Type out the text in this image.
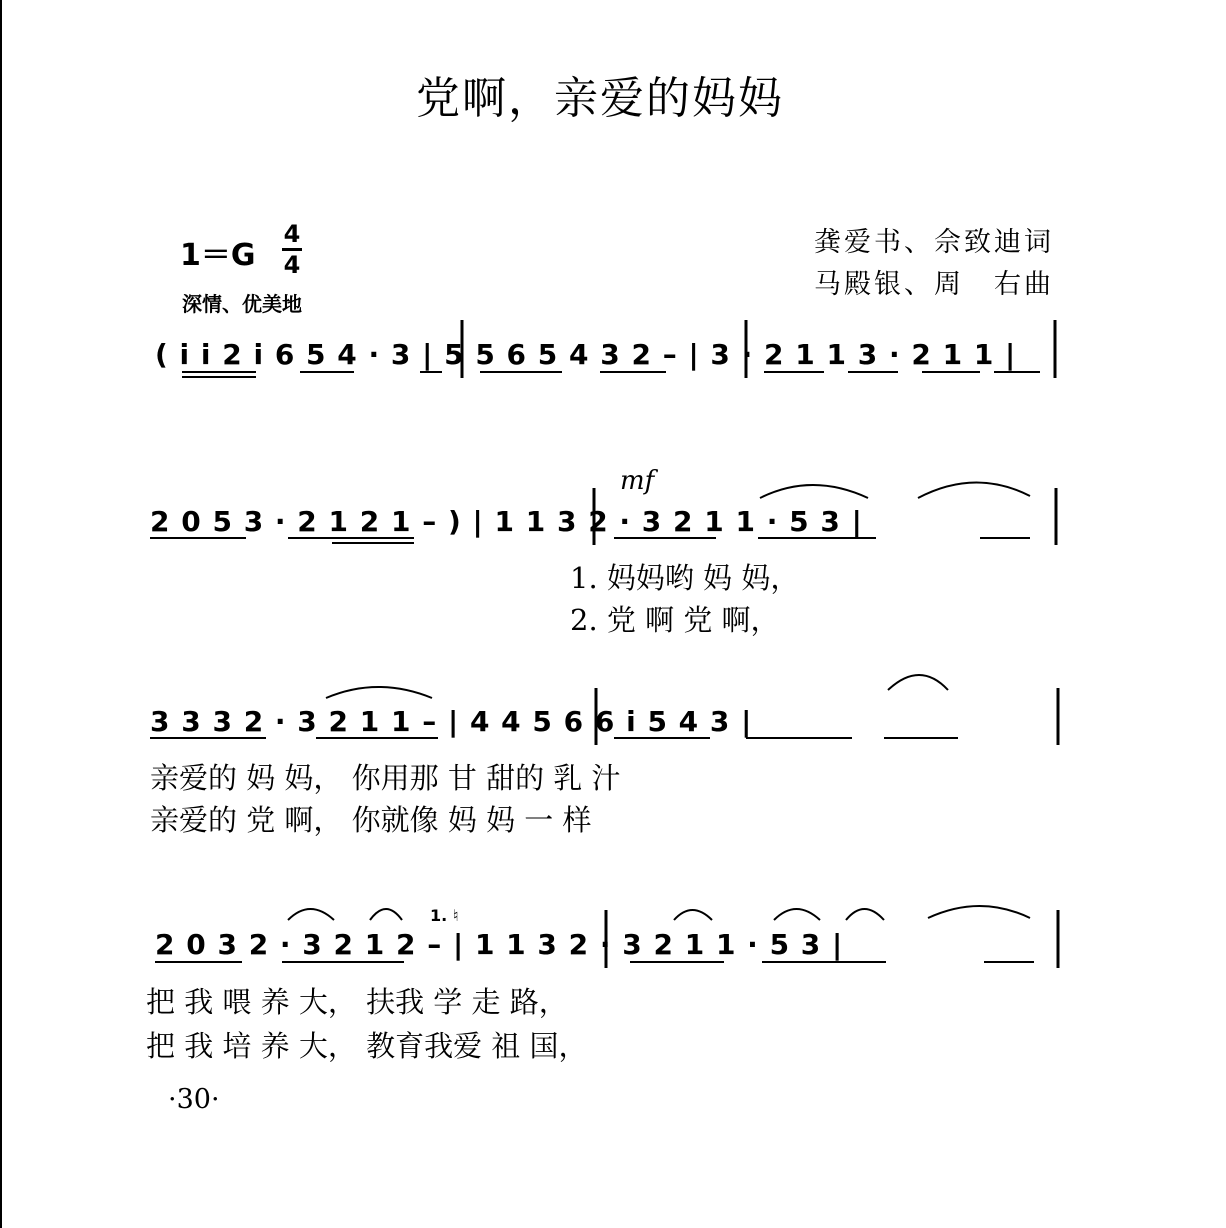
党啊，亲爱的妈妈
1＝G
4
4
龚爱书、佘致迪词
马殿银、周　右曲
深情、优美地
( i i 2 i 6 5 4 · 3 | 5 5 6 5 4 3 2 – | 3 · 2 1 1 3 · 2 1 1 |
mf
2 0 5 3 · 2 1 2 1 – ) | 1 1 3 2 · 3 2 1 1 · 5 3 |
1. 妈妈哟 妈 妈，
2. 党 啊 党 啊，
3 3 3 2 · 3 2 1 1 – | 4 4 5 6 6 i 5 4 3 |
亲爱的 妈 妈， 你用那 甘 甜的 乳 汁
亲爱的 党 啊， 你就像 妈 妈 一 样
1. ♮
2 0 3 2 · 3 2 1 2 – | 1 1 3 2 · 3 2 1 1 · 5 3 |
把 我 喂 养 大， 扶我 学 走 路，
把 我 培 养 大， 教育我爱 祖 国，
·30·
